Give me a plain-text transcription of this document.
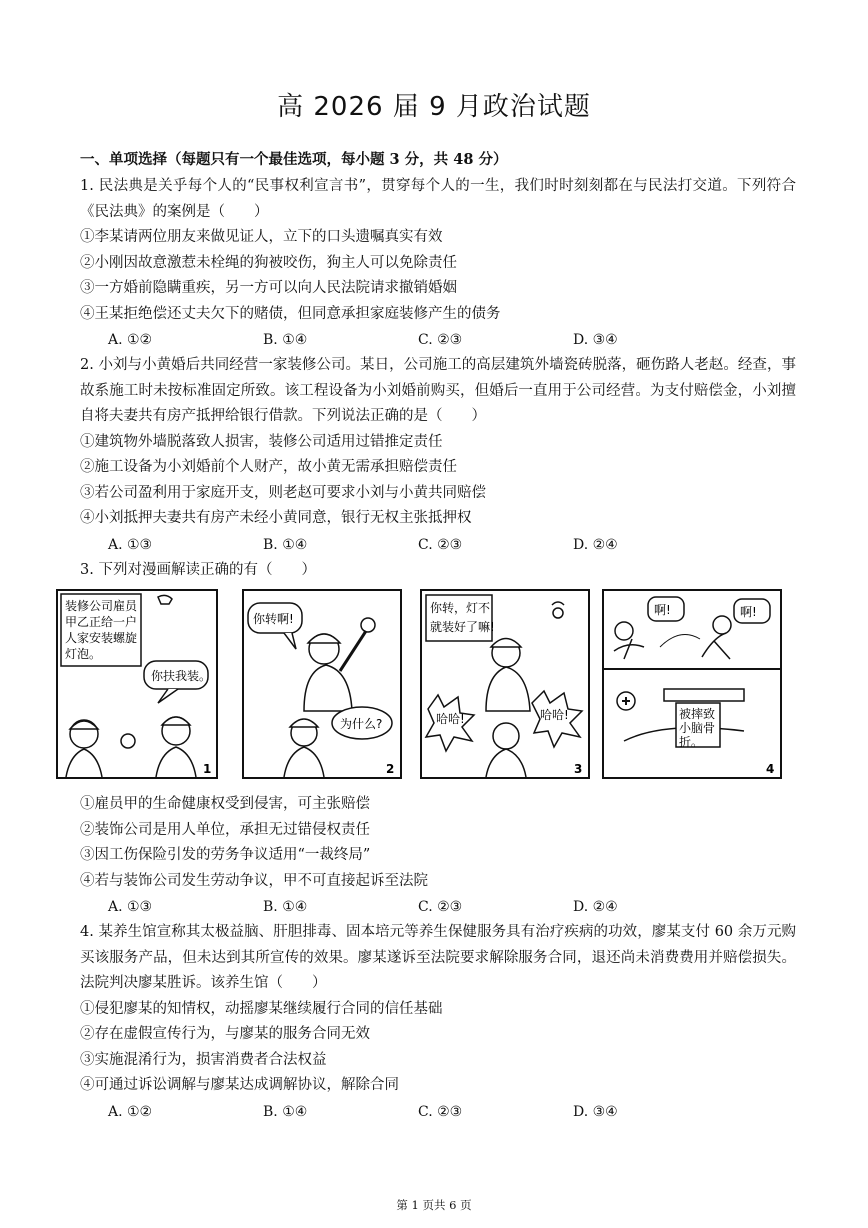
高 2026 届 9 月政治试题
一、单项选择（每题只有一个最佳选项，每小题 3 分，共 48 分）
1. 民法典是关乎每个人的“民事权利宣言书”，贯穿每个人的一生，我们时时刻刻都在与民法打交道。下列符合《民法典》的案例是（　　）
①李某请两位朋友来做见证人，立下的口头遗嘱真实有效
②小刚因故意激惹未栓绳的狗被咬伤，狗主人可以免除责任
③一方婚前隐瞒重疾，另一方可以向人民法院请求撤销婚姻
④王某拒绝偿还丈夫欠下的赌债，但同意承担家庭装修产生的债务
A. ①②	B. ①④	C. ②③	D. ③④
2. 小刘与小黄婚后共同经营一家装修公司。某日，公司施工的高层建筑外墙瓷砖脱落，砸伤路人老赵。经查，事故系施工时未按标准固定所致。该工程设备为小刘婚前购买，但婚后一直用于公司经营。为支付赔偿金，小刘擅自将夫妻共有房产抵押给银行借款。下列说法正确的是（　　）
①建筑物外墙脱落致人损害，装修公司适用过错推定责任
②施工设备为小刘婚前个人财产，故小黄无需承担赔偿责任
③若公司盈利用于家庭开支，则老赵可要求小刘与小黄共同赔偿
④小刘抵押夫妻共有房产未经小黄同意，银行无权主张抵押权
A. ①③	B. ①④	C. ②③	D. ②④
3. 下列对漫画解读正确的有（　　）
装修公司雇员 甲乙正给一户 人家安装螺旋 灯泡。
你扶我装。
1
你转啊!
为什么?
2
你转，灯不 就装好了嘛!
哈哈!	哈哈!
3
啊!	啊!
被摔致 小脑骨 折。
4
①雇员甲的生命健康权受到侵害，可主张赔偿
②装饰公司是用人单位，承担无过错侵权责任
③因工伤保险引发的劳务争议适用“一裁终局”
④若与装饰公司发生劳动争议，甲不可直接起诉至法院
A. ①③	B. ①④	C. ②③	D. ②④
4. 某养生馆宣称其太极益脑、肝胆排毒、固本培元等养生保健服务具有治疗疾病的功效，廖某支付 60 余万元购买该服务产品，但未达到其所宣传的效果。廖某遂诉至法院要求解除服务合同，退还尚未消费费用并赔偿损失。法院判决廖某胜诉。该养生馆（　　）
①侵犯廖某的知情权，动摇廖某继续履行合同的信任基础
②存在虚假宣传行为，与廖某的服务合同无效
③实施混淆行为，损害消费者合法权益
④可通过诉讼调解与廖某达成调解协议，解除合同
A. ①②	B. ①④	C. ②③	D. ③④
第 1 页共 6 页
